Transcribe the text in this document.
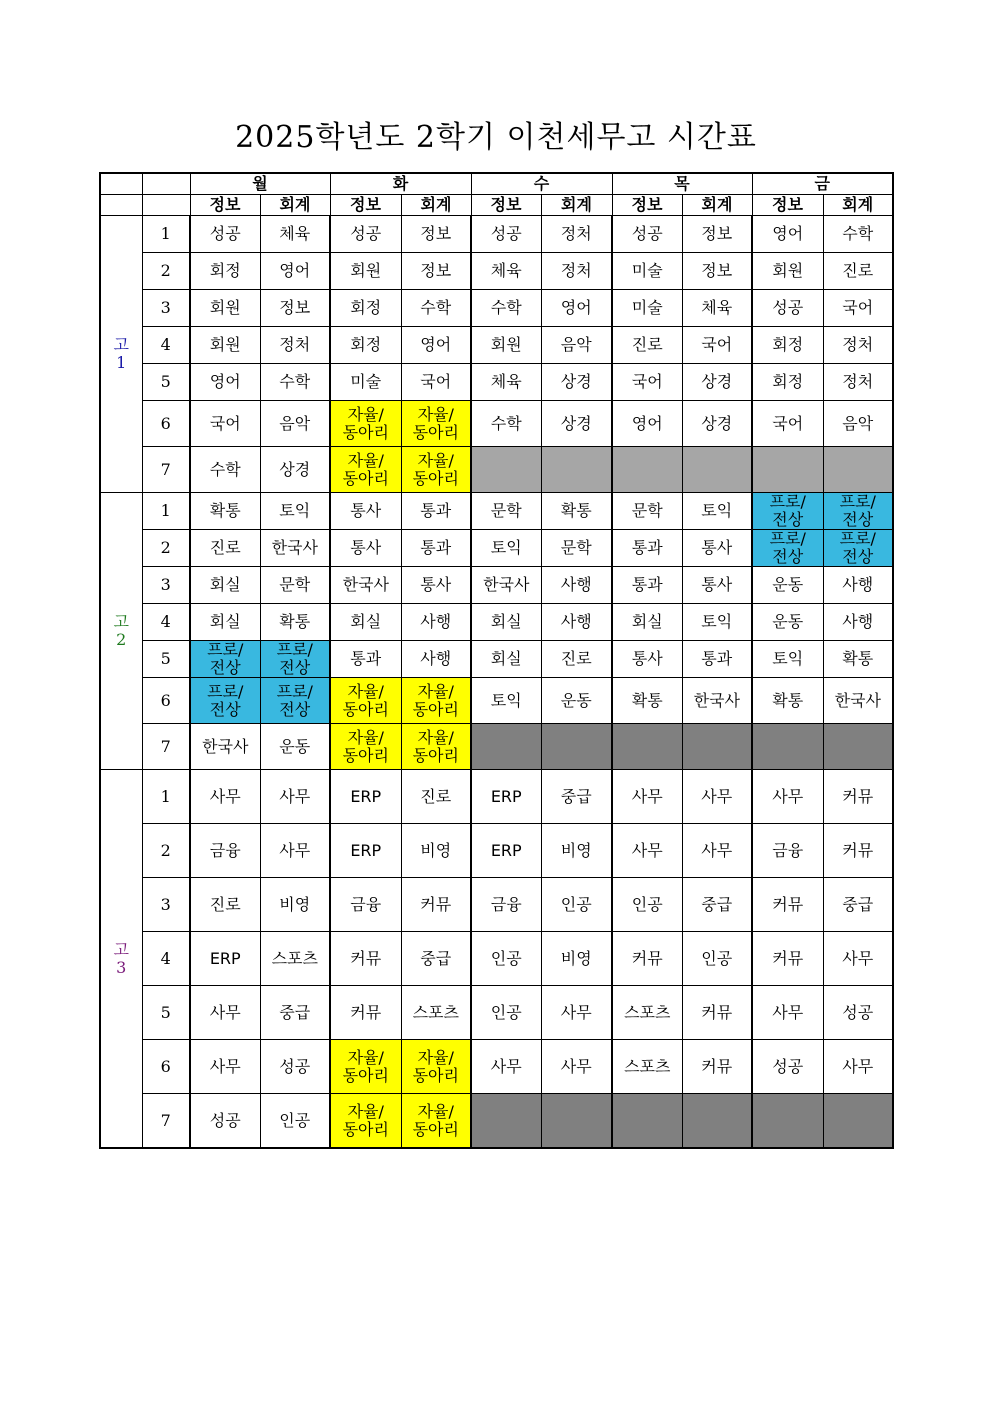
2025학년도 2학기 이천세무고 시간표
		월		화		수		목		금	
		정보	회계	정보	회계	정보	회계	정보	회계	정보	회계

고
1	1	성공	체육	성공	정보	성공	정처	성공	정보	영어	수학
	2	회정	영어	회원	정보	체육	정처	미술	정보	회원	진로
	3	회원	정보	회정	수학	수학	영어	미술	체육	성공	국어
	4	회원	정처	회정	영어	회원	음악	진로	국어	회정	정처
	5	영어	수학	미술	국어	체육	상경	국어	상경	회정	정처
	6	국어	음악	자율/
동아리	자율/
동아리	수학	상경	영어	상경	국어	음악
	7	수학	상경	자율/
동아리	자율/
동아리						

고
2	1	확통	토익	통사	통과	문학	확통	문학	토익	프로/
전상	프로/
전상

	2	진로	한국사	통사	통과	토익	문학	통과	통사	프로/
전상	프로/
전상

	3	회실	문학	한국사	통사	한국사	사행	통과	통사	운동	사행
	4	회실	확통	회실	사행	회실	사행	회실	토익	운동	사행
	5	프로/
전상	프로/
전상	통과	사행	회실	진로	통사	통과	토익	확통
	6	프로/
전상	프로/
전상	자율/
동아리	자율/
동아리	토익	운동	확통	한국사	확통	한국사
	7	한국사	운동	자율/
동아리	자율/
동아리						

고
3	1	사무	사무	ERP	진로	ERP	중급	사무	사무	사무	커뮤
	2	금융	사무	ERP	비영	ERP	비영	사무	사무	금융	커뮤
	3	진로	비영	금융	커뮤	금융	인공	인공	중급	커뮤	중급
	4	ERP	스포츠	커뮤	중급	인공	비영	커뮤	인공	커뮤	사무
	5	사무	중급	커뮤	스포츠	인공	사무	스포츠	커뮤	사무	성공
	6	사무	성공	자율/
동아리	자율/
동아리	사무	사무	스포츠	커뮤	성공	사무
	7	성공	인공	자율/
동아리	자율/
동아리						
